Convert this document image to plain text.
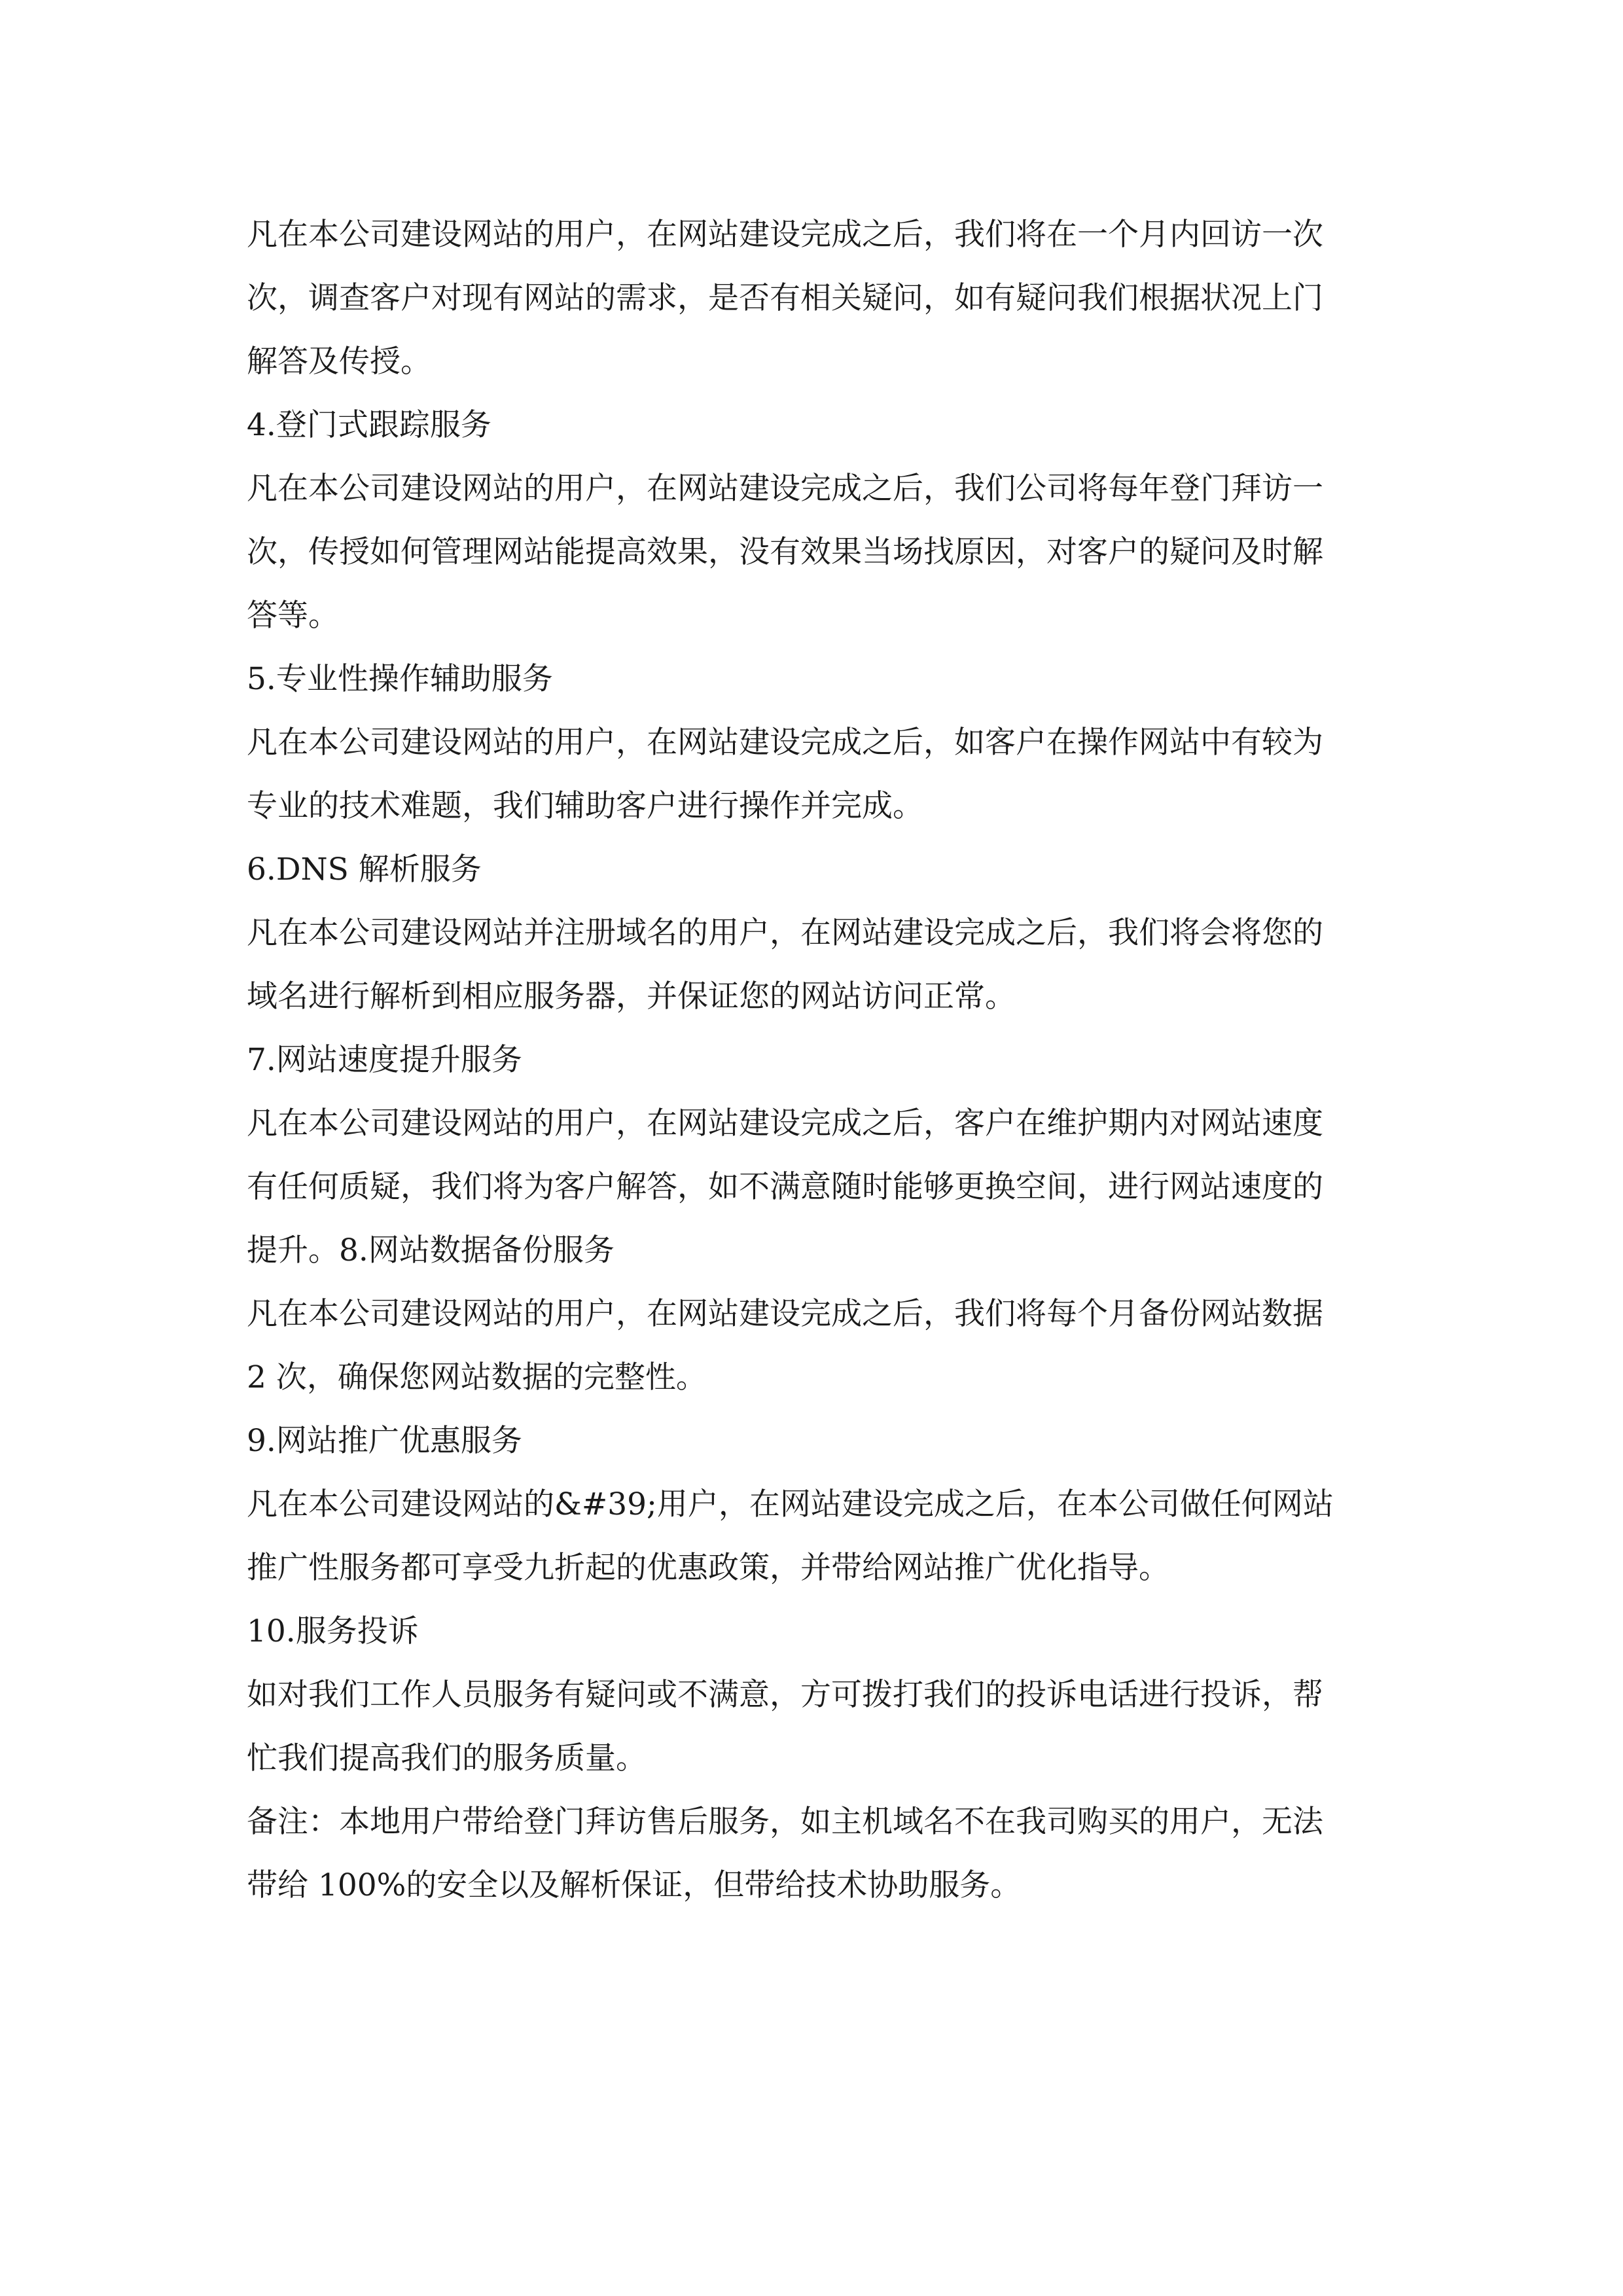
凡在本公司建设网站的用户，在网站建设完成之后，我们将在一个月内回访一次
次，调查客户对现有网站的需求，是否有相关疑问，如有疑问我们根据状况上门
解答及传授。
4.登门式跟踪服务
凡在本公司建设网站的用户，在网站建设完成之后，我们公司将每年登门拜访一
次，传授如何管理网站能提高效果，没有效果当场找原因，对客户的疑问及时解
答等。
5.专业性操作辅助服务
凡在本公司建设网站的用户，在网站建设完成之后，如客户在操作网站中有较为
专业的技术难题，我们辅助客户进行操作并完成。
6.DNS 解析服务
凡在本公司建设网站并注册域名的用户，在网站建设完成之后，我们将会将您的
域名进行解析到相应服务器，并保证您的网站访问正常。
7.网站速度提升服务
凡在本公司建设网站的用户，在网站建设完成之后，客户在维护期内对网站速度
有任何质疑，我们将为客户解答，如不满意随时能够更换空间，进行网站速度的
提升。8.网站数据备份服务
凡在本公司建设网站的用户，在网站建设完成之后，我们将每个月备份网站数据
2 次，确保您网站数据的完整性。
9.网站推广优惠服务
凡在本公司建设网站的&#39;用户，在网站建设完成之后，在本公司做任何网站
推广性服务都可享受九折起的优惠政策，并带给网站推广优化指导。
10.服务投诉
如对我们工作人员服务有疑问或不满意，方可拨打我们的投诉电话进行投诉，帮
忙我们提高我们的服务质量。
备注：本地用户带给登门拜访售后服务，如主机域名不在我司购买的用户，无法
带给 100%的安全以及解析保证，但带给技术协助服务。
